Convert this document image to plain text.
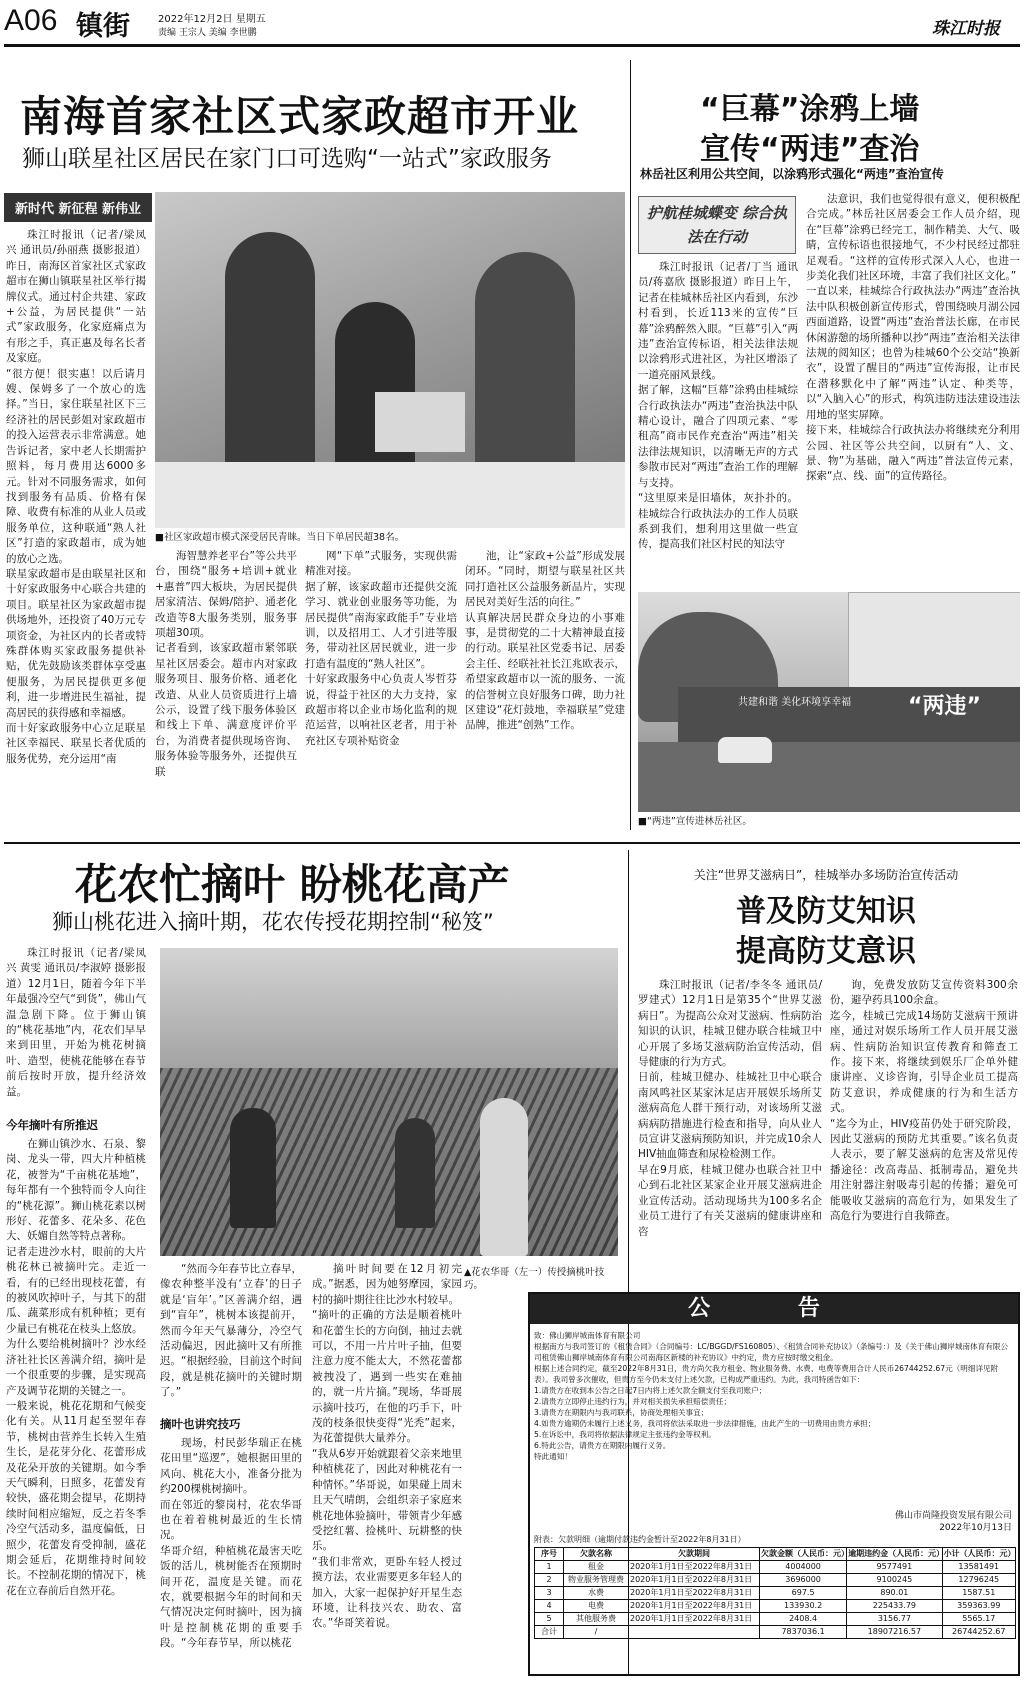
A06 镇街	2022年12月2日 星期五
责编 王宗人 美编 李世鹏	珠江时报
南海首家社区式家政超市开业
狮山联星社区居民在家门口可选购“一站式”家政服务
新时代 新征程 新伟业
珠江时报讯（记者/梁凤兴 通讯员/孙丽燕 摄影报道）昨日，南海区首家社区式家政超市在狮山镇联星社区举行揭牌仪式。通过村企共建、家政+公益，为居民提供“一站式”家政服务，化家庭痛点为有形之手，真正惠及每名长者及家庭。
“很方便！很实惠！以后请月嫂、保姆多了一个放心的选择。”当日，家住联星社区下三经济社的居民彭姐对家政超市的投入运营表示非常满意。她告诉记者，家中老人长期需护照料，每月费用达6000多元。针对不同服务需求，如何找到服务有品质、价格有保障、收费有标准的从业人员或服务单位，这种联通“熟人社区”打造的家政超市，成为她的放心之选。
联星家政超市是由联星社区和十好家政服务中心联合共建的项目。联星社区为家政超市提供场地外，还投资了40万元专项资金，为社区内的长者或特殊群体购买家政服务提供补贴，优先鼓励该类群体享受惠便服务，为居民提供更多便利，进一步增进民生福祉，提高居民的获得感和幸福感。
而十好家政服务中心立足联星社区幸福民、联星长者优质的服务优势，充分运用“南
■社区家政超市模式深受居民青睐。当日下单居民超38名。
海智慧养老平台”等公共平台，围绕“服务+培训+就业+惠普”四大板块，为居民提供居家清洁、保姆/陪护、通老化改造等8大服务类别，服务事项超30项。
记者看到，该家政超市紧邻联星社区居委会。超市内对家政服务项目、服务价格、通老化改造、从业人员资质进行上墙公示，设置了线下服务体验区和线上下单、满意度评价平台，为消费者提供现场咨询、服务体验等服务外，还提供互联
网“下单”式服务，实现供需精准对接。
据了解，该家政超市还提供交流学习、就业创业服务等功能，为居民提供“南海家政能手”专业培训，以及招用工、人才引进等服务，带动社区居民就业，进一步打造有温度的“熟人社区”。
十好家政服务中心负责人岑哲芬说，得益于社区的大力支持，家政超市将以企业市场化监利的规范运营，以响社区老者，用于补充社区专项补贴资金
池，让“家政+公益”形成发展闭环。“同时，期望与联星社区共同打造社区公益服务新品片，实现居民对美好生活的向往。”
认真解决居民群众身边的小事难事，是贯彻党的二十大精神最直接的行动。联星社区党委书记、居委会主任、经联社社长江兆欧表示，希望家政超市以一流的服务、一流的信誉树立良好服务口碑，助力社区建设“花灯鼓地，幸福联星”党建品牌，推进“创熟”工作。
“巨幕”涂鸦上墙
宣传“两违”查治
林岳社区利用公共空间，以涂鸦形式强化“两违”查治宣传
护航桂城蝶变 综合执法在行动
珠江时报讯（记者/丁当 通讯员/蒋嘉欣 摄影报道）昨日上午，记者在桂城林岳社区内看到，东沙村看到，长近113米的宣传“巨幕”涂鸦醉然入眼。“巨幕”引入“两违”查治宣传标语，相关法律法规以涂鸦形式进社区，为社区增添了一道亮丽风景线。
据了解，这幅“巨幕”涂鸦由桂城综合行政执法办“两违”查治执法中队精心设计，融合了四项元素、“零租高”商市民作充查治“两违”相关法律法规知识，以清晰无声的方式参散市民对“两违”查治工作的理解与支持。
“这里原来是旧墙体，灰扑扑的。桂城综合行政执法办的工作人员联系到我们，想利用这里做一些宣传，提高我们社区村民的知法守
法意识，我们也觉得很有意义，便积极配合完成。”林岳社区居委会工作人员介绍，现在“巨幕”涂鸦已经完工，制作精美、大气、吸睛，宣传标语也很接地气，不少村民经过都驻足观看。“这样的宣传形式深入人心，也进一步美化我们社区环境，丰富了我们社区文化。”
一直以来，桂城综合行政执法办“两违”查治执法中队积极创新宣传形式，曾围绕映月湖公园西面道路，设置“两违”查治普法长廊，在市民休闲游憩的场所播种以抄“两违”查治相关法律法规的阅知区；也曾为桂城60个公交站“换新衣”，设置了醒目的“两违”宣传海报，让市民在潜移默化中了解“两违”认定、种类等，以“入脑入心”的形式，构筑违防违法建设违法用地的坚实屏障。
接下来，桂城综合行政执法办将继续充分利用公园、社区等公共空间，以厨有“人、文、景、物”为基础，融入“两违”普法宣传元素，探索“点、线、面”的宣传路径。
共建和谐 美化环境享幸福	“两违”
■“两违”宣传进林岳社区。
花农忙摘叶 盼桃花高产
狮山桃花进入摘叶期，花农传授花期控制“秘笈”
珠江时报讯（记者/梁凤兴 黄雯 通讯员/李淑婷 摄影报道）12月1日，随着今年下半年最强冷空气“到货”，佛山气温急剧下降。位于狮山镇的“桃花基地”内，花农们早早来到田里，开始为桃花树摘叶、造型，使桃花能够在春节前后按时开放，提升经济效益。
今年摘叶有所推迟
在狮山镇沙水、石泉、黎岗、龙头一带，四大片种植桃花，被誉为“千亩桃花基地”，每年都有一个独特而令人向往的“桃花源”。狮山桃花素以树形好、花蕾多、花朵多、花色大、妖媚自然等特点著称。
记者走进沙水村，眼前的大片桃花林已被摘叶完。走近一看，有的已经出现枝花蕾，有的被风吹掉叶子，与其下的甜瓜、蔬菜形成有机种植；更有少量已有桃花在枝头上悠放。
为什么要给桃树摘叶？沙水经济社社长区善满介绍，摘叶是一个很重要的步骤，是实现高产及调节花期的关键之一。
一般来说，桃花花期和气候变化有关。从11月起至翌年春节，桃树由营养生长转入生殖生长，是花芽分化、花蕾形成及花朵开放的关键期。如今季天气瞬利，日照多，花蕾发育较快，盛花期会提早，花期持续时间相应缩短，反之若冬季冷空气活动多，温度偏低，日照少，花蕾发育受抑制，盛花期会延后，花期维持时间较长。不控制花期的情况下，桃花在立春前后自然开花。
▲花农华哥（左一）传授摘桃叶技巧。
“然而今年春节比立春早，像农种整半没有‘立春’的日子就是‘盲年’。”区善满介绍，遇到“盲年”，桃树本该提前开，然而今年天气暴薄分，冷空气活动偏迟，因此摘叶又有所推迟。“根据经验，目前这个时间段，就是桃花摘叶的关键时期了。”
摘叶也讲究技巧
现场，村民彭华瑞正在桃花田里“巡逻”，她根据田里的风向、桃花大小，准备分批为约200棵桃树摘叶。
而在邻近的黎岗村，花农华哥也在着着桃树最近的生长情况。
华哥介绍，种植桃花最害天吃饭的活儿，桃树能否在预期时间开花，温度是关键。而花农，就要根据今年的时间和天气情况决定何时摘叶，因为摘叶是控制桃花期的重要手段。“今年春节早，所以桃花
摘叶时间要在12月初完成。”据悉，因为她努摩园，家园村的摘叶期往往比沙水村较早。
“摘叶的正确的方法是顺着桃叶和花蕾生长的方向倒，抽过去就可以，不用一片片叶子抽，但要注意力度不能太大，不然花蕾都被拽没了，遇到一些实在难抽的，就一片片摘。”现场，华哥展示摘叶技巧，在他的巧手下，叶茂的枝条很快变得“光秃”起来，为花蕾提供大量养分。
“我从6岁开始就跟着父亲来地里种植桃花了，因此对种桃花有一种情怀。”华哥说，如果碰上周末且天气晴朗，会组织亲子家庭来桃花地体验摘叶，带领青少年感受挖红薯、捡桃叶、玩耕整的快乐。
“我们非常欢，更卧车轻人授过摸方法，农业需要更多年轻人的加入，大家一起保护好开星生态环境，让科技兴农、助农、富农。”华哥笑着说。
关注“世界艾滋病日”，桂城举办多场防治宣传活动
普及防艾知识
提高防艾意识
珠江时报讯（记者/李冬冬 通讯员/罗建式）12月1日是第35个“世界艾滋病日”。为提高公众对艾滋病、性病防治知识的认识，桂城卫健办联合桂城卫中心开展了多场艾滋病防治宣传活动，倡导健康的行为方式。
日前，桂城卫健办、桂城社卫中心联合南风鸣社区某家沐足店开展娱乐场所艾滋病高危人群干预行动，对该场所艾滋病病防措施进行检查和指导，向从业人员宣讲艾滋病预防知识，并完成10余人HIV抽血筛查和尿检检测工作。
早在9月底，桂城卫健办也联合社卫中心到石北社区某家企业开展艾滋病进企业宣传活动。活动现场共为100多名企业员工进行了有关艾滋病的健康讲座和咨
询，免费发放防艾宣传资料300余份，避孕药具100余盒。
迄今，桂城已完成14场防艾滋病干预讲座，通过对娱乐场所工作人员开展艾滋病、性病防治知识宣传教育和筛查工作。接下来，将继续到娱乐厂企单外健康讲座、义诊咨询，引导企业员工提高防艾意识，养成健康的行为和生活方式。
“迄今为止，HIV疫苗仍处于研究阶段，因此艾滋病的预防尤其重要。”该名负责人表示，要了解艾滋病的危害及常见传播途径：改高毒品、抵制毒品，避免共用注射器注射吸毒引起的传播；避免可能吸收艾滋病的高危行为，如果发生了高危行为要进行自我筛查。
公 告
致：佛山狮岸城南体育有限公司
根据南方与我司签订的《租赁合同》（合同编号：LC/BGGD/FS160805）、《租赁合同补充协议》（条编号：）及《关于佛山狮岸城南体育有限公司租赁佛山狮岸城南体育有限公司南海区新楼的补充协议》中约定，贵方应按时缴交租金。
根据上述合同约定，截至2022年8月31日，贵方尚欠我方租金、物业服务费、水费、电费等费用合计人民币26744252.67元（明细详见附表）。我司曾多次催收，但贵方至今仍未支付上述欠款，已构成严重违约。为此，我司特函告如下：
1.请贵方在收到本公告之日起7日内将上述欠款全额支付至我司账户；
2.请贵方立即停止违约行为，并对相关损失承担赔偿责任；
3.请贵方在期限内与我司联系，协商处理相关事宜；
4.如贵方逾期仍未履行上述义务，我司将依法采取进一步法律措施，由此产生的一切费用由贵方承担；
5.在诉讼中，我司将依据法律规定主张违约金等权利。
6.特此公告，请贵方在期限内履行义务。
特此通知！
佛山市尚隆投资发展有限公司
2022年10月13日
附表：欠款明细（逾期付款违约金暂计至2022年8月31日）
序号	欠款名称	欠款期间	欠款金额（人民币：元）	逾期违约金（人民币：元）	小计（人民币：元）
1	租金	2020年1月1日至2022年8月31日	4004000	9577491	13581491
2	物业服务管理费	2020年1月1日至2022年8月31日	3696000	9100245	12796245
3	水费	2020年1月1日至2022年8月31日	697.5	890.01	1587.51
4	电费	2020年1月1日至2022年8月31日	133930.2	225433.79	359363.99
5	其他服务费	2020年1月1日至2022年8月31日	2408.4	3156.77	5565.17
合计	/		7837036.1	18907216.57	26744252.67
